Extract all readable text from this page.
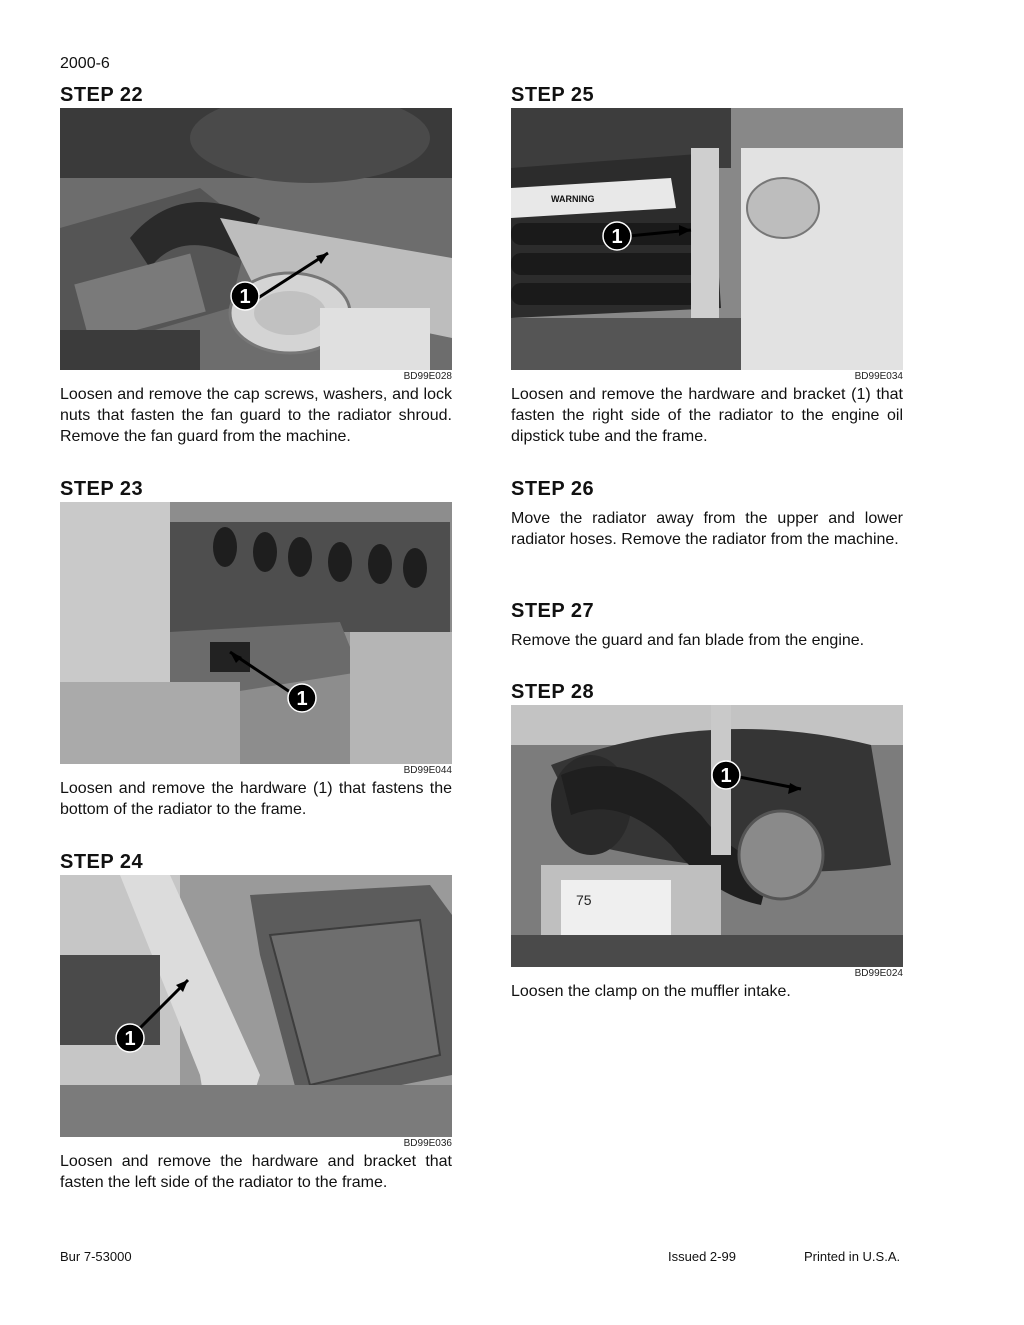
2000-6
STEP 22
1
BD99E028

Loosen and remove the cap screws, washers, and lock nuts that fasten the fan guard to the radiator shroud. Remove the fan guard from the machine.

STEP 23
1
BD99E044

Loosen and remove the hardware (1) that fastens the bottom of the radiator to the frame.

STEP 24
1
BD99E036

Loosen and remove the hardware and bracket that fasten the left side of the radiator to the frame.

STEP 25
WARNING
1
BD99E034

Loosen and remove the hardware and bracket (1) that fasten the right side of the radiator to the engine oil dipstick tube and the frame.

STEP 26

Move the radiator away from the upper and lower radiator hoses. Remove the radiator from the machine.

STEP 27

Remove the guard and fan blade from the engine.

STEP 28
75
1
BD99E024

Loosen the clamp on the muffler intake.

Bur 7-53000	Issued 2-99	Printed in U.S.A.
